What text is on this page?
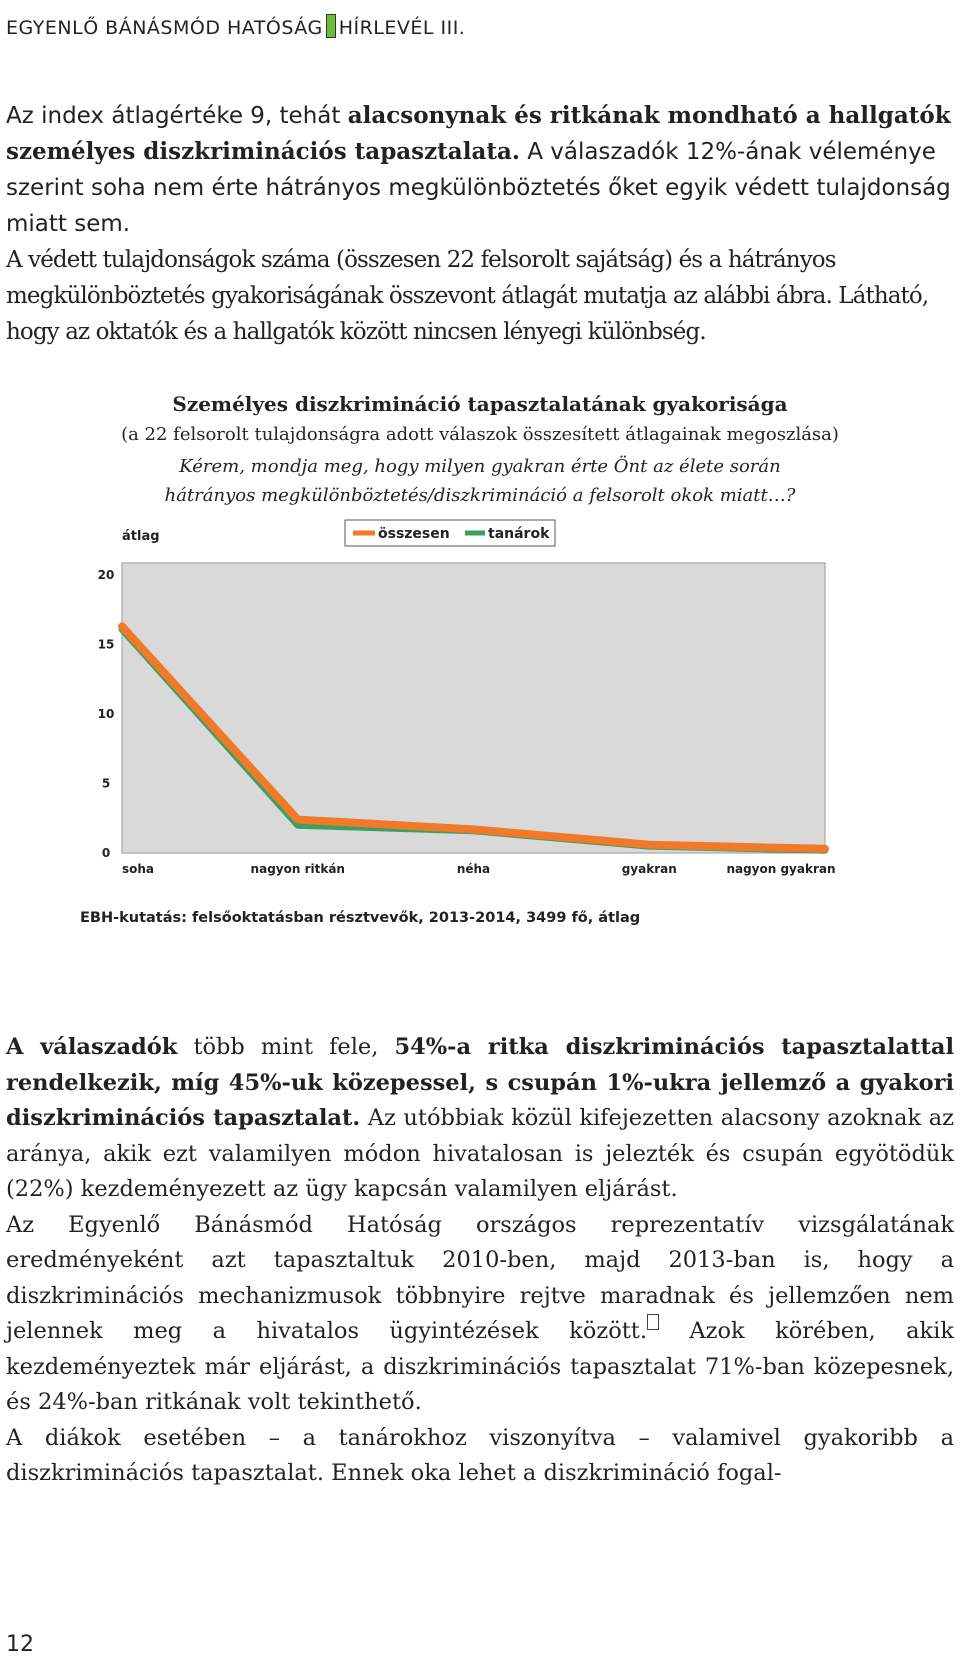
EGYENLŐ BÁNÁSMÓD HATÓSÁG HÍRLEVÉL III.

Az index átlagértéke 9, tehát alacsonynak és ritkának mondható a hallgatók személyes diszkriminációs tapasztalata. A válaszadók 12%-ának véleménye szerint soha nem érte hátrányos megkülönböztetés őket egyik védett tulajdonság miatt sem.

A védett tulajdonságok száma (összesen 22 felsorolt sajátság) és a hátrányos megkülönböztetés gyakoriságának összevont átlagát mutatja az alábbi ábra. Látható, hogy az oktatók és a hallgatók között nincsen lényegi különbség.

Személyes diszkrimináció tapasztalatának gyakorisága
(a 22 felsorolt tulajdonságra adott válaszok összesített átlagainak megoszlása)
Kérem, mondja meg, hogy milyen gyakran érte Önt az élete során
hátrányos megkülönböztetés/diszkrimináció a felsorolt okok miatt…?
összesen	tanárok
átlag
0
5
10
15
20
soha	nagyon ritkán	néha	gyakran	nagyon gyakran
EBH-kutatás: felsőoktatásban résztvevők, 2013-2014, 3499 fő, átlag
A válaszadók több mint fele, 54%-a ritka diszkriminációs tapasztalattal rendelkezik, míg 45%-uk közepessel, s csupán 1%-ukra jellemző a gyakori diszkriminációs tapasztalat. Az utóbbiak közül kifejezetten alacsony azoknak az aránya, akik ezt valamilyen módon hivatalosan is jelezték és csupán egyötödük (22%) kezdeményezett az ügy kapcsán valamilyen eljárást.
Az Egyenlő Bánásmód Hatóság országos reprezentatív vizsgálatának eredményeként azt tapasztaltuk 2010-ben, majd 2013-ban is, hogy a diszkriminációs mechanizmusok többnyire rejtve maradnak és jellemzően nem jelennek meg a hivatalos ügyintézések között. Azok körében, akik kezdeményeztek már eljárást, a diszkriminációs tapasztalat 71%-ban közepesnek, és 24%-ban ritkának volt tekinthető.
A diákok esetében – a tanárokhoz viszonyítva – valamivel gyakoribb a diszkriminációs tapasztalat. Ennek oka lehet a diszkrimináció fogal-
12
